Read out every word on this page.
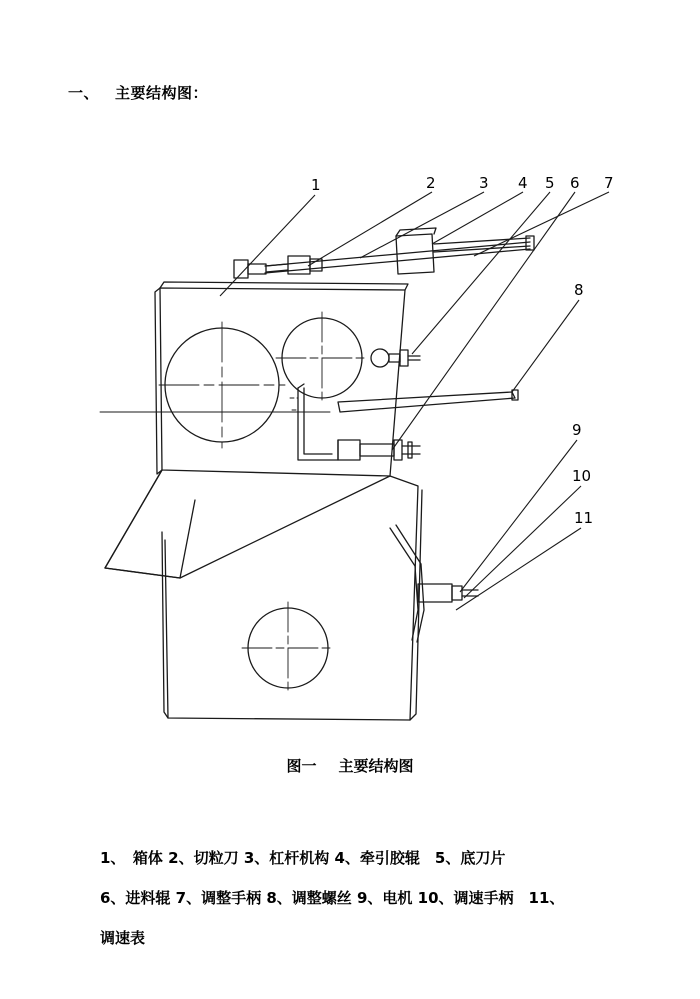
一、 主要结构图：
1	2	3 4 5 6 7
8
9
10
11
图一 主要结构图
1、　箱体 2、切粒刀 3、杠杆机构 4、牵引胶辊　5、底刀片
6、进料辊 7、调整手柄 8、调整螺丝 9、电机 10、调速手柄　11、
调速表
